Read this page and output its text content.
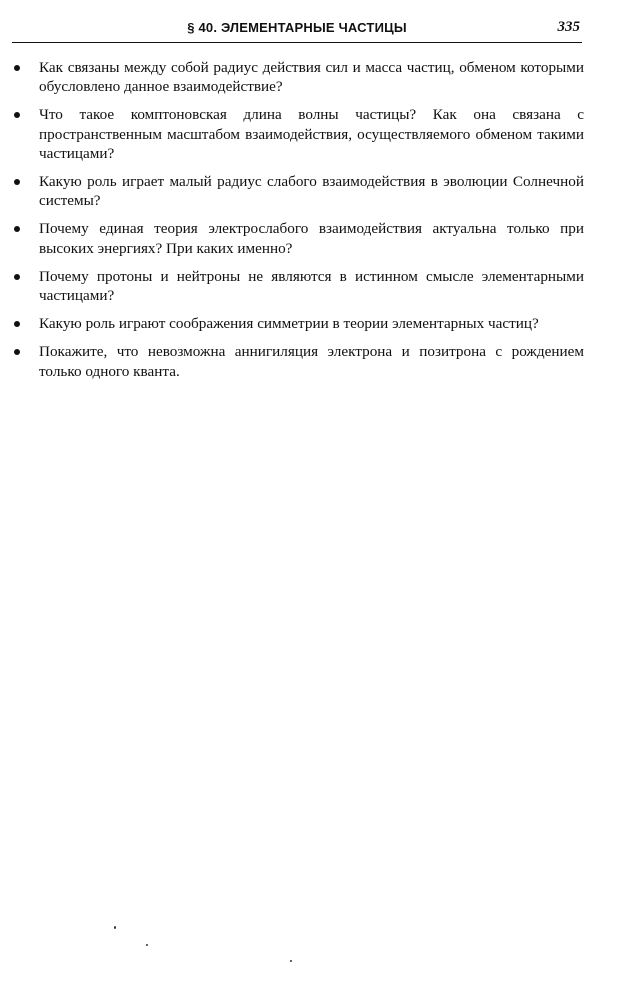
§ 40. ЭЛЕМЕНТАРНЫЕ ЧАСТИЦЫ	335
Как связаны между собой радиус действия сил и масса частиц, обменом которыми обусловлено данное взаимодействие?
Что такое комптоновская длина волны частицы? Как она связана с пространственным масштабом взаимодействия, осуществляемого обменом такими частицами?
Какую роль играет малый радиус слабого взаимодействия в эволюции Солнечной системы?
Почему единая теория электрослабого взаимодействия актуальна только при высоких энергиях? При каких именно?
Почему протоны и нейтроны не являются в истинном смысле элементарными частицами?
Какую роль играют соображения симметрии в теории элементарных частиц?
Покажите, что невозможна аннигиляция электрона и позитрона с рождением только одного кванта.
